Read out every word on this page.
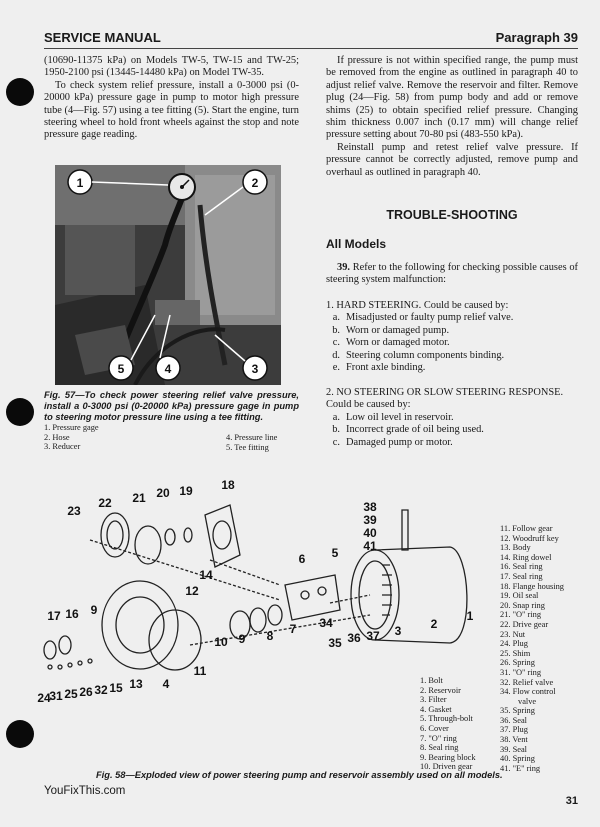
SERVICE MANUAL	Paragraph 39

(10690-11375 kPa) on Models TW-5, TW-15 and TW-25; 1950-2100 psi (13445-14480 kPa) on Model TW-35.

To check system relief pressure, install a 0-3000 psi (0-20000 kPa) pressure gage in pump to motor high pressure tube (4—Fig. 57) using a tee fitting (5). Start the engine, turn steering wheel to hold front wheels against the stop and note pressure gage reading.

1	2
3
4
5
Fig. 57—To check power steering relief valve pressure, install a 0-3000 psi (0-20000 kPa) pressure gage in pump to steering motor pressure line using a tee fitting.
1. Pressure gage
2. Hose
3. Reducer
4. Pressure line
5. Tee fitting

If pressure is not within specified range, the pump must be removed from the engine as outlined in paragraph 40 to adjust relief valve. Remove the reservoir and filter. Remove plug (24—Fig. 58) from pump body and add or remove shims (25) to obtain specified relief pressure. Changing shim thickness 0.007 inch (0.17 mm) will change relief pressure setting about 70-80 psi (483-550 kPa).

Reinstall pump and retest relief valve pressure. If pressure cannot be correctly adjusted, remove pump and overhaul as outlined in paragraph 40.

TROUBLE-SHOOTING
All Models

39. Refer to the following for checking possible causes of steering system malfunction:

1. HARD STEERING. Could be caused by:
a. Misadjusted or faulty pump relief valve.
b. Worn or damaged pump.
c. Worn or damaged motor.
d. Steering column components binding.
e. Front axle binding.
2. NO STEERING OR SLOW STEERING RESPONSE. Could be caused by:
a. Low oil level in reservoir.
b. Incorrect grade of oil being used.
c. Damaged pump or motor.
23
22 21 20 19 18
38
39
40
41
6 5
12
17 16 9
10 9 8 7 34
35 36 37 3 2
1
11
13 4
24
31 25 26 32 15
14
1. Bolt
2. Reservoir
3. Filter
4. Gasket
5. Through-bolt
6. Cover
7. "O" ring
8. Seal ring
9. Bearing block
10. Driven gear
11. Follow gear
12. Woodruff key
13. Body
14. Ring dowel
16. Seal ring
17. Seal ring
18. Flange housing
19. Oil seal
20. Snap ring
21. "O" ring
22. Drive gear
23. Nut
24. Plug
25. Shim
26. Spring
31. "O" ring
32. Relief valve
34. Flow control
valve
35. Spring
36. Seal
37. Plug
38. Vent
39. Seal
40. Spring
41. "E" ring
Fig. 58—Exploded view of power steering pump and reservoir assembly used on all models.
YouFixThis.com
31
